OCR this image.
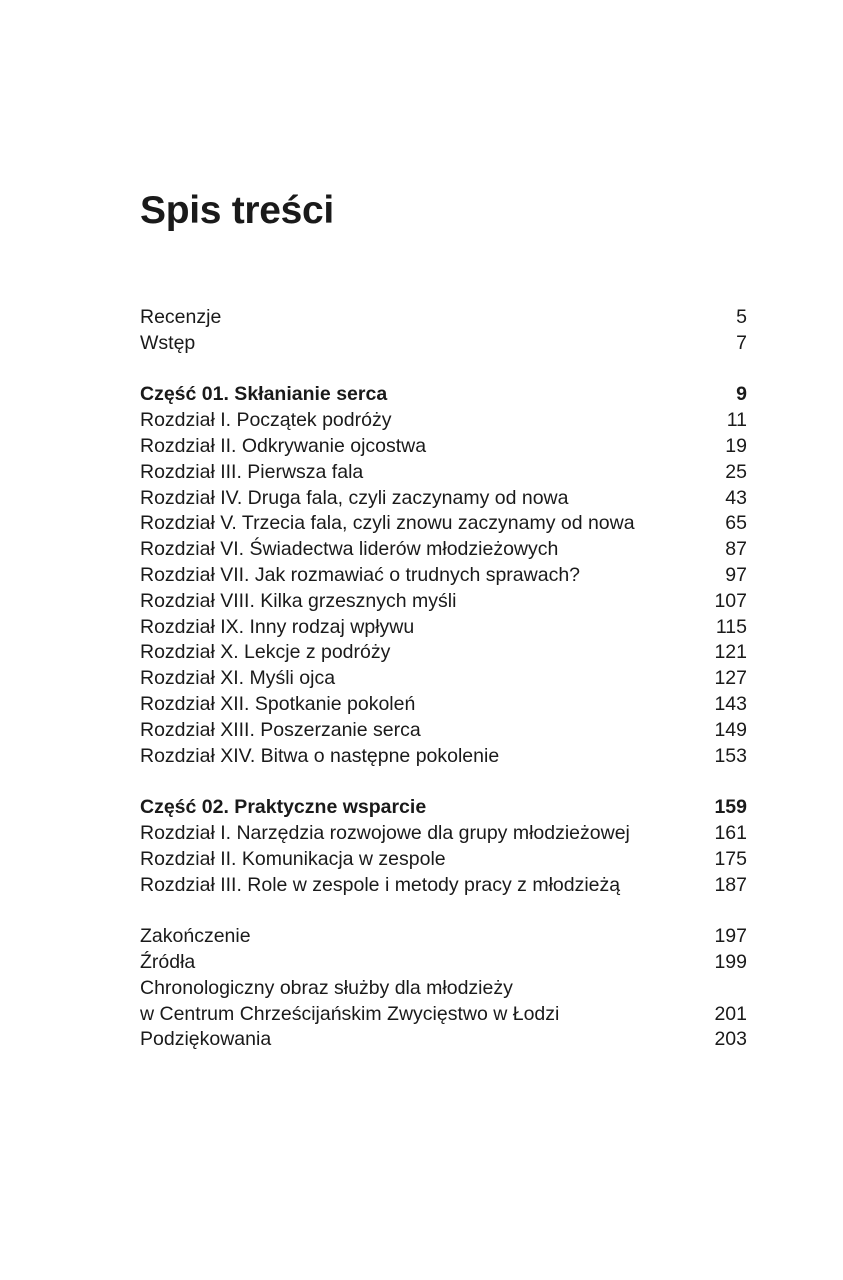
Spis treści
Recenzje	5
Wstęp	7
Część 01. Skłanianie serca	9
Rozdział I. Początek podróży	11
Rozdział II. Odkrywanie ojcostwa	19
Rozdział III. Pierwsza fala	25
Rozdział IV. Druga fala, czyli zaczynamy od nowa	43
Rozdział V. Trzecia fala, czyli znowu zaczynamy od nowa	65
Rozdział VI. Świadectwa liderów młodzieżowych	87
Rozdział VII. Jak rozmawiać o trudnych sprawach?	97
Rozdział VIII. Kilka grzesznych myśli	107
Rozdział IX. Inny rodzaj wpływu	115
Rozdział X. Lekcje z podróży	121
Rozdział XI. Myśli ojca	127
Rozdział XII. Spotkanie pokoleń	143
Rozdział XIII. Poszerzanie serca	149
Rozdział XIV. Bitwa o następne pokolenie	153
Część 02. Praktyczne wsparcie	159
Rozdział I. Narzędzia rozwojowe dla grupy młodzieżowej	161
Rozdział II. Komunikacja w zespole	175
Rozdział III. Role w zespole i metody pracy z młodzieżą	187
Zakończenie	197
Źródła	199
Chronologiczny obraz służby dla młodzieży
w Centrum Chrześcijańskim Zwycięstwo w Łodzi	201
Podziękowania	203
